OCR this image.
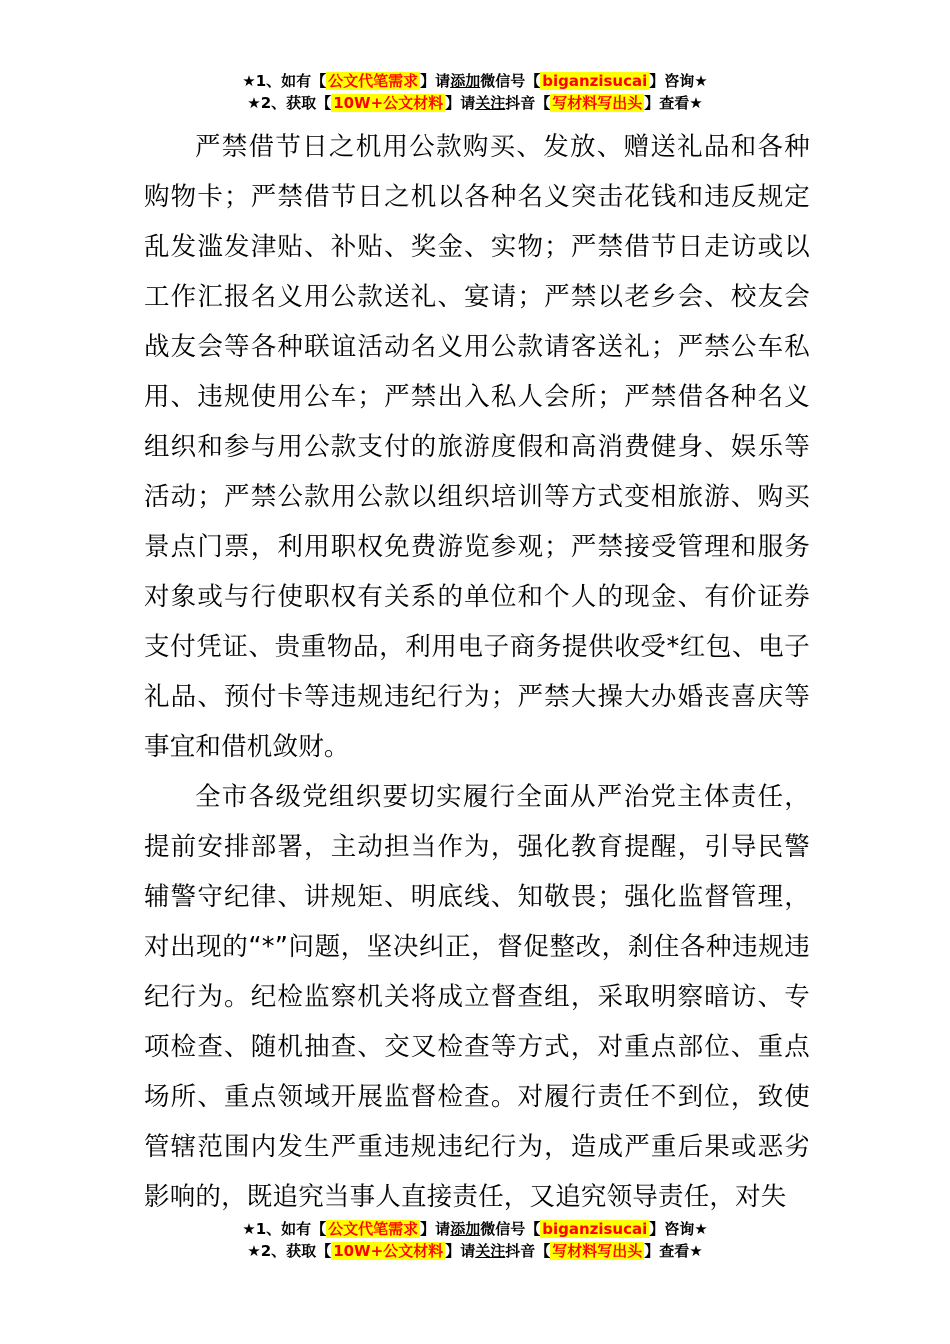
★1、如有【 公文代笔需求 】请添加微信号【 biganzisucai 】咨询★
★2、获取【 10W+公文材料 】请关注抖音【 写材料写出头 】查看★

严禁借节日之机用公款购买、发放、赠送礼品和各种购物卡；严禁借节日之机以各种名义突击花钱和违反规定乱发滥发津贴、补贴、奖金、实物；严禁借节日走访或以工作汇报名义用公款送礼、宴请；严禁以老乡会、校友会战友会等各种联谊活动名义用公款请客送礼；严禁公车私用、违规使用公车；严禁出入私人会所；严禁借各种名义组织和参与用公款支付的旅游度假和高消费健身、娱乐等活动；严禁公款用公款以组织培训等方式变相旅游、购买景点门票，利用职权免费游览参观；严禁接受管理和服务对象或与行使职权有关系的单位和个人的现金、有价证券支付凭证、贵重物品，利用电子商务提供收受*红包、电子礼品、预付卡等违规违纪行为；严禁大操大办婚丧喜庆等事宜和借机敛财。

全市各级党组织要切实履行全面从严治党主体责任，提前安排部署，主动担当作为，强化教育提醒，引导民警辅警守纪律、讲规矩、明底线、知敬畏；强化监督管理，对出现的“*”问题，坚决纠正，督促整改，刹住各种违规违纪行为。纪检监察机关将成立督查组，采取明察暗访、专项检查、随机抽查、交叉检查等方式，对重点部位、重点场所、重点领域开展监督检查。对履行责任不到位，致使管辖范围内发生严重违规违纪行为，造成严重后果或恶劣影响的，既追究当事人直接责任，又追究领导责任，对失

★1、如有【 公文代笔需求 】请添加微信号【 biganzisucai 】咨询★
★2、获取【 10W+公文材料 】请关注抖音【 写材料写出头 】查看★
